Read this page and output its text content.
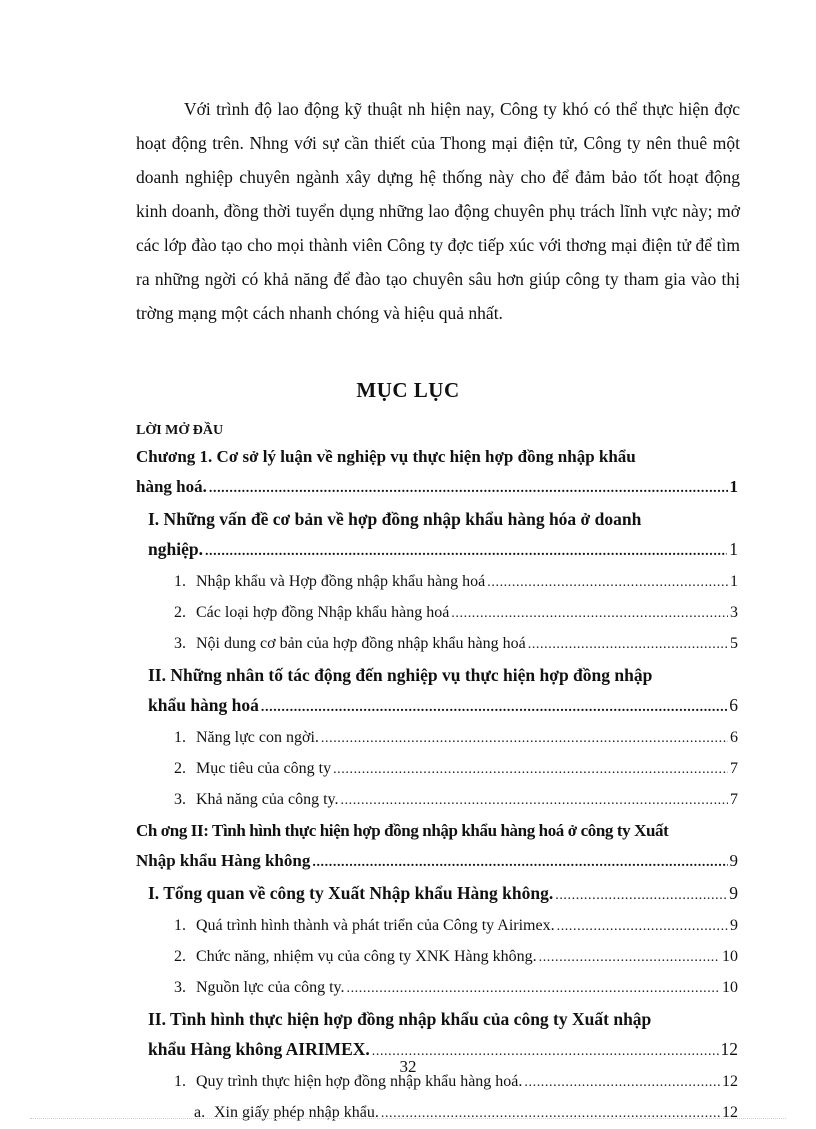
Với trình độ lao động kỹ thuật nh hiện nay, Công ty khó có thể thực hiện đợc hoạt động trên. Nhng với sự cần thiết của Thong mại điện tử, Công ty nên thuê một doanh nghiệp chuyên ngành xây dựng hệ thống này cho để đảm bảo tốt hoạt động kinh doanh, đồng thời tuyển dụng những lao động chuyên phụ trách lĩnh vực này; mở các lớp đào tạo cho mọi thành viên Công ty đợc tiếp xúc với thơng mại điện tử để tìm ra những ngời có khả năng để đào tạo chuyên sâu hơn giúp công ty tham gia vào thị trờng mạng một cách nhanh chóng và hiệu quả nhất.

MỤC LỤC
LỜI MỞ ĐẦU
Chương 1. Cơ sở lý luận về nghiệp vụ thực hiện hợp đồng nhập khẩu
hàng hoá. .....	1
I. Những vấn đề cơ bản về hợp đồng nhập khẩu hàng hóa ở doanh
nghiệp. .....	1
1. Nhập khẩu và Hợp đồng nhập khẩu hàng hoá .....	1
2. Các loại hợp đồng Nhập khẩu hàng hoá .....	3
3. Nội dung cơ bản của hợp đồng nhập khẩu hàng hoá .....	5
II. Những nhân tố tác động đến nghiệp vụ thực hiện hợp đồng nhập
khẩu hàng hoá .....	6
1. Năng lực con ngời. .....	6
2. Mục tiêu của công ty .....	7
3. Khả năng của công ty. .....	7
Ch ơng II: Tình hình thực hiện hợp đồng nhập khẩu hàng hoá ở công ty Xuất
Nhập khẩu Hàng không .....	9
I. Tổng quan về công ty Xuất Nhập khẩu Hàng không. .....	9
1. Quá trình hình thành và phát triển của Công ty Airimex. .....	9
2. Chức năng, nhiệm vụ của công ty XNK Hàng không. .....	10
3. Nguồn lực của công ty. .....	10
II. Tình hình thực hiện hợp đồng nhập khẩu của công ty Xuất nhập
khẩu Hàng không AIRIMEX. .....	12
1. Quy trình thực hiện hợp đồng nhập khẩu hàng hoá. .....	12
a. Xin giấy phép nhập khẩu. .....	12

32
